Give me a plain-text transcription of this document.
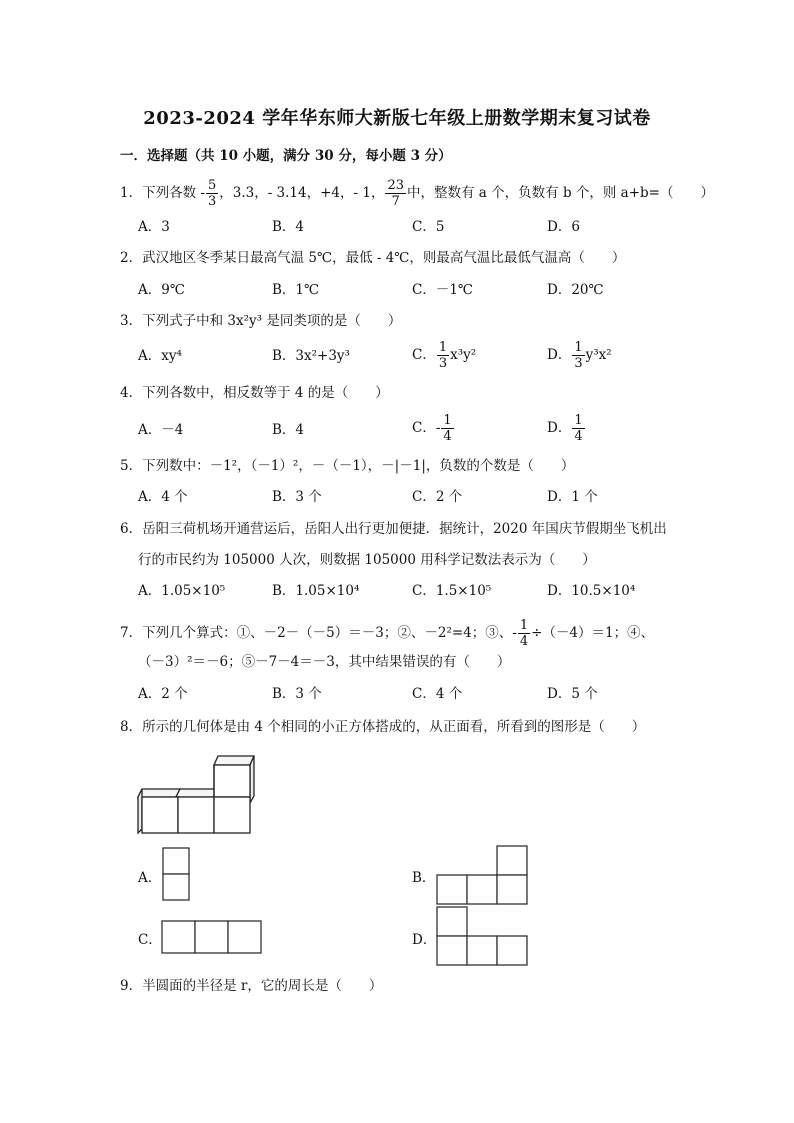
2023-2024 学年华东师大新版七年级上册数学期末复习试卷
一．选择题（共 10 小题，满分 30 分，每小题 3 分）
1．下列各数 - $\frac{5}{3}$ ，3.3，- 3.14，+4，- 1， $\frac{23}{7}$ 中，整数有 a 个，负数有 b 个，则 a+b=（　　）
A．3	B．4	C．5	D．6
2．武汉地区冬季某日最高气温 5℃，最低 - 4℃，则最高气温比最低气温高（　　）
A．9℃	B．1℃	C．－1℃	D．20℃
3．下列式子中和 3x²y³ 是同类项的是（　　）
A．xy⁴	B．3x²+3y³	C． $\frac{1}{3} x^3y^2$	D． $\frac{1}{3} y^3x^2$
4．下列各数中，相反数等于 4 的是（　　）
A．－4	B．4	C．- $\frac{1}{4}$	D． $\frac{1}{4}$
5．下列数中：－1²，（－1）²，－（－1），－|－1|，负数的个数是（　　）
A．4 个	B．3 个	C．2 个	D．1 个
6．岳阳三荷机场开通营运后，岳阳人出行更加便捷．据统计，2020 年国庆节假期坐飞机出
行的市民约为 105000 人次，则数据 105000 用科学记数法表示为（　　）
A．1.05×10⁵	B．1.05×10⁴	C．1.5×10⁵	D．10.5×10⁴
7．下列几个算式：①、－2－（－5）＝－3；②、－2²=4；③、- $\frac{1}{4} \div(-4)=1$；④、
（－3）²＝－6；⑤－7－4＝－3，其中结果错误的有（　　）
A．2 个	B．3 个	C．4 个	D．5 个
8．所示的几何体是由 4 个相同的小正方体搭成的，从正面看，所看到的图形是（　　）
A．	B．
C．	D．
9．半圆面的半径是 r，它的周长是（　　）
